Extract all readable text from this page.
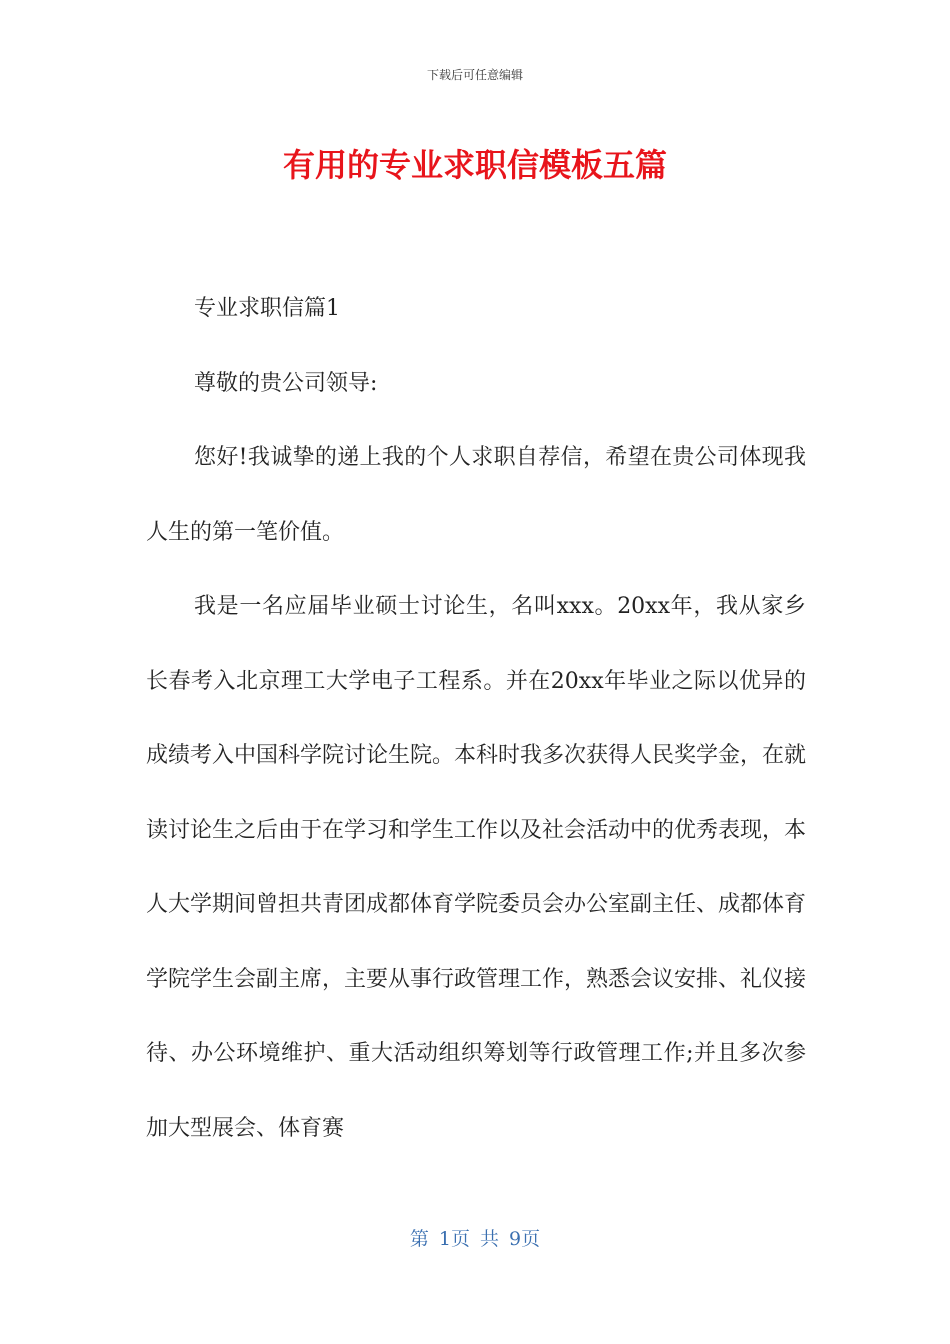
下载后可任意编辑
有用的专业求职信模板五篇

专业求职信篇1

尊敬的贵公司领导:

您好!我诚挚的递上我的个人求职自荐信，希望在贵公司体现我人生的第一笔价值。

我是一名应届毕业硕士讨论生，名叫xxx。20xx年，我从家乡长春考入北京理工大学电子工程系。并在20xx年毕业之际以优异的成绩考入中国科学院讨论生院。本科时我多次获得人民奖学金，在就读讨论生之后由于在学习和学生工作以及社会活动中的优秀表现，本人大学期间曾担共青团成都体育学院委员会办公室副主任、成都体育学院学生会副主席，主要从事行政管理工作，熟悉会议安排、礼仪接待、办公环境维护、重大活动组织筹划等行政管理工作;并且多次参加大型展会、体育赛

第 1页 共 9页
